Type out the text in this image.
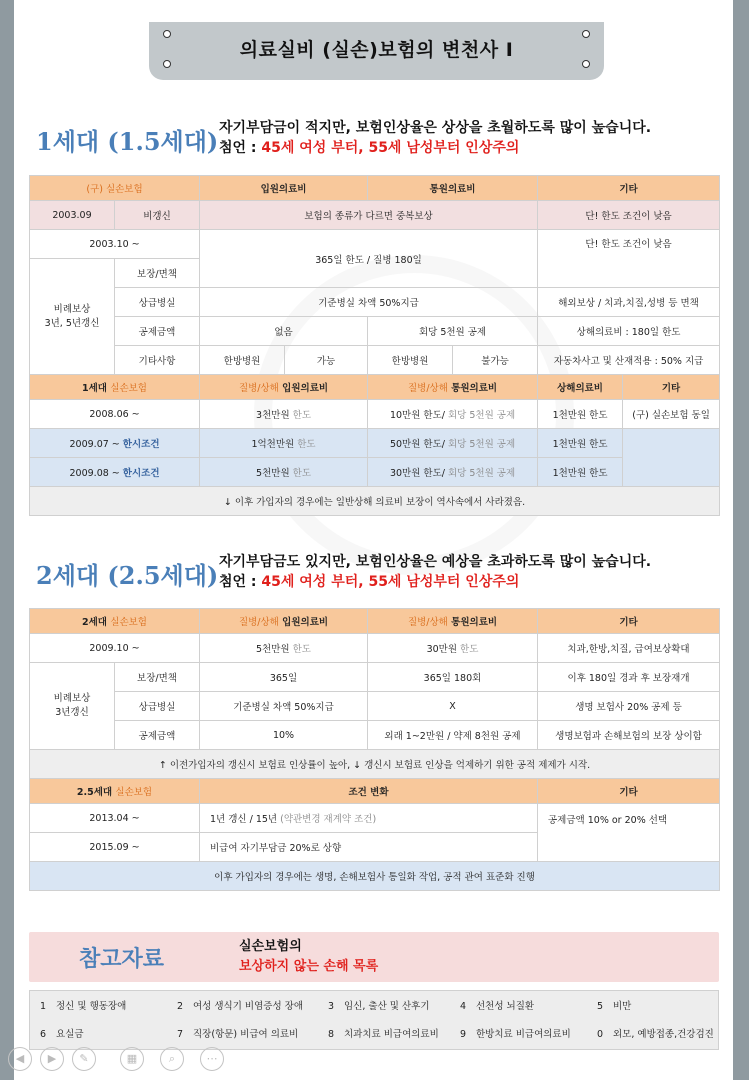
의료실비 (실손)보험의 변천사 Ⅰ
1세대 (1.5세대) 자기부담금이 적지만, 보험인상율은 상상을 초월하도록 많이 높습니다.
첨언 : 45세 여성 부터, 55세 남성부터 인상주의
(구) 실손보험		입원의료비		통원의료비		기타	
2003.09	비갱신	보험의 종류가 다르면 중복보상				단! 한도 조건이 낮음	
2003.10 ~		365일 한도 / 질병 180일				단! 한도 조건이 낮음	
비례보상
3년, 5년갱신	보장/면책						
	상급병실	기준병실 차액 50%지급				해외보상 / 치과,치질,성병 등 면책	
	공제금액	없음		회당 5천원 공제		상해의료비 : 180일 한도	
	기타사항	한방병원	가능	한방병원	불가능	자동차사고 및 산재적용 : 50% 지급	
1세대 실손보험		질병/상해 입원의료비		질병/상해 통원의료비		상해의료비	기타
2008.06 ~		3천만원 한도		10만원 한도/ 회당 5천원 공제		1천만원 한도	(구) 실손보험 동일
2009.07 ~ 한시조건		1억천만원 한도		50만원 한도/ 회당 5천원 공제		1천만원 한도	
2009.08 ~ 한시조건		5천만원 한도		30만원 한도/ 회당 5천원 공제		1천만원 한도	
↓ 이후 가입자의 경우에는 일반상해 의료비 보장이 역사속에서 사라졌음.							
2세대 (2.5세대) 자기부담금도 있지만, 보험인상율은 예상을 초과하도록 많이 높습니다.
첨언 : 45세 여성 부터, 55세 남성부터 인상주의
2세대 실손보험		질병/상해 입원의료비	질병/상해 통원의료비	기타
2009.10 ~		5천만원 한도	30만원 한도	치과,한방,치질, 급여보상확대
비례보상
3년갱신	보장/면책	365일	365일 180회	이후 180일 경과 후 보장재개
	상급병실	기준병실 차액 50%지급	X	생명 보험사 20% 공제 등
	공제금액	10%	외래 1~2만원 / 약제 8천원 공제	생명보험과 손해보험의 보장 상이함
↑ 이전가입자의 갱신시 보험료 인상률이 높아, ↓ 갱신시 보험료 인상을 억제하기 위한 공적 제제가 시작.				
2.5세대 실손보험		조건 변화		기타
2013.04 ~		1년 갱신 / 15년 (약관변경 재계약 조건)		공제금액 10% or 20% 선택
2015.09 ~		비급여 자기부담금 20%로 상향		
이후 가입자의 경우에는 생명, 손해보험사 통일화 작업, 공적 관여 표준화 진행				
참고자료
실손보험의
보상하지 않는 손해 목록
1 정신 및 행동장애	2 여성 생식기 비염증성 장애	3 임신, 출산 및 산후기	4 선천성 뇌질환	5 비만
6 요실금	7 직장(항문) 비급여 의료비	8 치과치료 비급여의료비 9 한방치료 비급여의료비	0 외모, 예방접종,건강검진
◀	▶	✎	▦	⌕	⋯
